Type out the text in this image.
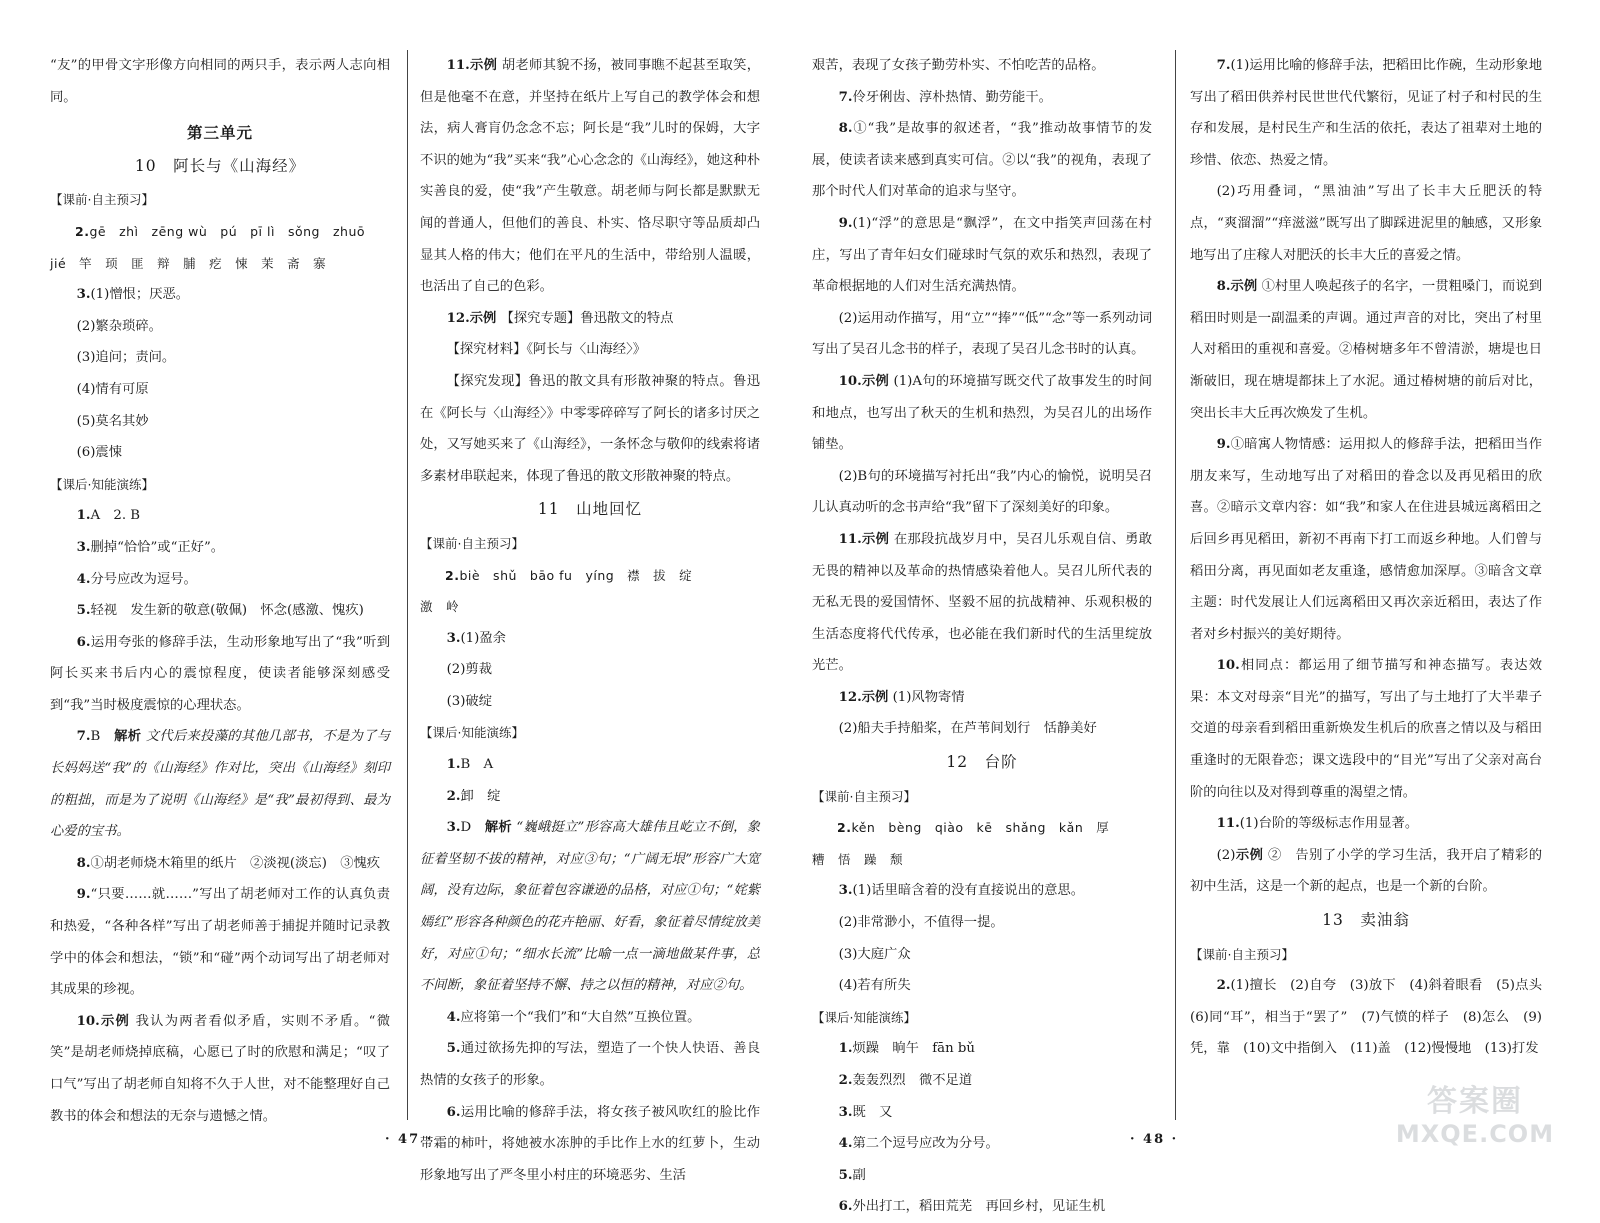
“友”的甲骨文字形像方向相同的两只手，表示两人志向相同。

第三单元
10　阿长与《山海经》
【课前·自主预习】

2.gē　zhì　zēng wù　pú　pī lì　sǒng　zhuō

jié　竿　顼　匪　辩　脯　疙　悚　茉　斋　寨

3.(1)憎恨；厌恶。

(2)繁杂琐碎。

(3)追问；责问。

(4)情有可原

(5)莫名其妙

(6)震悚

【课后·知能演练】

1.A　2. B

3.删掉“恰恰”或“正好”。

4.分号应改为逗号。

5.轻视　发生新的敬意(敬佩)　怀念(感激、愧疚)

6.运用夸张的修辞手法，生动形象地写出了“我”听到阿长买来书后内心的震惊程度，使读者能够深刻感受到“我”当时极度震惊的心理状态。

7.B　解析 文代后来投藻的其他几部书，不是为了与长妈妈送“我”的《山海经》作对比，突出《山海经》刻印的粗拙，而是为了说明《山海经》是“我”最初得到、最为心爱的宝书。

8.①胡老师烧木箱里的纸片　②淡视(淡忘)　③愧疚

9.“只要……就……”写出了胡老师对工作的认真负责和热爱，“各种各样”写出了胡老师善于捕捉并随时记录教学中的体会和想法，“锁”和“碰”两个动词写出了胡老师对其成果的珍视。

10.示例 我认为两者看似矛盾，实则不矛盾。“微笑”是胡老师烧掉底稿，心愿已了时的欣慰和满足；“叹了口气”写出了胡老师自知将不久于人世，对不能整理好自己教书的体会和想法的无奈与遗憾之情。

11.示例 胡老师其貌不扬，被同事瞧不起甚至取笑，但是他毫不在意，并坚持在纸片上写自己的教学体会和想法，病人膏肓仍念念不忘；阿长是“我”儿时的保姆，大字不识的她为“我”买来“我”心心念念的《山海经》，她这种朴实善良的爱，使“我”产生敬意。胡老师与阿长都是默默无闻的普通人，但他们的善良、朴实、恪尽职守等品质却凸显其人格的伟大；他们在平凡的生活中，带给别人温暖，也活出了自己的色彩。

12.示例 【探究专题】鲁迅散文的特点

【探究材料】《阿长与〈山海经〉》

【探究发现】鲁迅的散文具有形散神聚的特点。鲁迅在《阿长与〈山海经〉》中零零碎碎写了阿长的诸多讨厌之处，又写她买来了《山海经》，一条怀念与敬仰的线索将诸多素材串联起来，体现了鲁迅的散文形散神聚的特点。

11　山地回忆
【课前·自主预习】

2.biè　shǔ　bāo fu　yíng　襟　拔　绽

激　岭

3.(1)盈余

(2)剪裁

(3)破绽

【课后·知能演练】

1.B　A

2.卸　绽

3.D　解析 “巍峨挺立”形容高大雄伟且屹立不倒，象征着坚韧不拔的精神，对应③句；“广阔无垠”形容广大宽阔，没有边际，象征着包容谦逊的品格，对应①句；“姹紫嫣红”形容各种颜色的花卉艳丽、好看，象征着尽情绽放美好，对应①句；“细水长流”比喻一点一滴地做某件事，总不间断，象征着坚持不懈、持之以恒的精神，对应②句。

4.应将第一个“我们”和“大自然”互换位置。

5.通过欲扬先抑的写法，塑造了一个快人快语、善良热情的女孩子的形象。

6.运用比喻的修辞手法，将女孩子被风吹红的脸比作带霜的柿叶，将她被水冻肿的手比作上水的红萝卜，生动形象地写出了严冬里小村庄的环境恶劣、生活

· 47 ·

艰苦，表现了女孩子勤劳朴实、不怕吃苦的品格。

7.伶牙俐齿、淳朴热情、勤劳能干。

8.①“我”是故事的叙述者，“我”推动故事情节的发展，使读者读来感到真实可信。②以“我”的视角，表现了那个时代人们对革命的追求与坚守。

9.(1)“浮”的意思是“飘浮”，在文中指笑声回荡在村庄，写出了青年妇女们碰球时气氛的欢乐和热烈，表现了革命根据地的人们对生活充满热情。

(2)运用动作描写，用“立”“捧”“低”“念”等一系列动词写出了吴召儿念书的样子，表现了吴召儿念书时的认真。

10.示例 (1)A句的环境描写既交代了故事发生的时间和地点，也写出了秋天的生机和热烈，为吴召儿的出场作铺垫。

(2)B句的环境描写衬托出“我”内心的愉悦，说明吴召儿认真动听的念书声给“我”留下了深刻美好的印象。

11.示例 在那段抗战岁月中，吴召儿乐观自信、勇敢无畏的精神以及革命的热情感染着他人。吴召儿所代表的无私无畏的爱国情怀、坚毅不屈的抗战精神、乐观积极的生活态度将代代传承，也必能在我们新时代的生活里绽放光芒。

12.示例 (1)风物寄情

(2)船夫手持船桨，在芦苇间划行　恬静美好

12　台阶
【课前·自主预习】

2.kěn　bèng　qiào　kē　shǎng　kǎn　厚

糟　悟　躁　颓

3.(1)话里暗含着的没有直接说出的意思。

(2)非常渺小，不值得一提。

(3)大庭广众

(4)若有所失

【课后·知能演练】

1.烦躁　晌午　fān bǔ

2.轰轰烈烈　微不足道

3.既　又

4.第二个逗号应改为分号。

5.副

6.外出打工，稻田荒芜　再回乡村，见证生机

7.(1)运用比喻的修辞手法，把稻田比作碗，生动形象地写出了稻田供养村民世世代代繁衍，见证了村子和村民的生存和发展，是村民生产和生活的依托，表达了祖辈对土地的珍惜、依恋、热爱之情。

(2)巧用叠词，“黑油油”写出了长丰大丘肥沃的特点，“爽溜溜”“痒滋滋”既写出了脚踩进泥里的触感，又形象地写出了庄稼人对肥沃的长丰大丘的喜爱之情。

8.示例 ①村里人唤起孩子的名字，一贯粗嗓门，而说到稻田时则是一副温柔的声调。通过声音的对比，突出了村里人对稻田的重视和喜爱。②椿树塘多年不曾清淤，塘堤也日渐破旧，现在塘堤都抹上了水泥。通过椿树塘的前后对比，突出长丰大丘再次焕发了生机。

9.①暗寓人物情感：运用拟人的修辞手法，把稻田当作朋友来写，生动地写出了对稻田的眷念以及再见稻田的欣喜。②暗示文章内容：如“我”和家人在住进县城远离稻田之后回乡再见稻田，新初不再南下打工而返乡种地。人们曾与稻田分离，再见面如老友重逢，感情愈加深厚。③暗含文章主题：时代发展让人们远离稻田又再次亲近稻田，表达了作者对乡村振兴的美好期待。

10.相同点：都运用了细节描写和神态描写。表达效果：本文对母亲“目光”的描写，写出了与土地打了大半辈子交道的母亲看到稻田重新焕发生机后的欣喜之情以及与稻田重逢时的无限眷恋；课文选段中的“目光”写出了父亲对高台阶的向往以及对得到尊重的渴望之情。

11.(1)台阶的等级标志作用显著。

(2)示例 ②　告别了小学的学习生活，我开启了精彩的初中生活，这是一个新的起点，也是一个新的台阶。

13　卖油翁
【课前·自主预习】

2.(1)擅长　(2)自夸　(3)放下　(4)斜着眼看　(5)点头　(6)同“耳”，相当于“罢了”　(7)气愤的样子　(8)怎么　(9)凭，靠　(10)文中指倒入　(11)盖　(12)慢慢地　(13)打发

· 48 ·
答案圈
MXQE.COM
